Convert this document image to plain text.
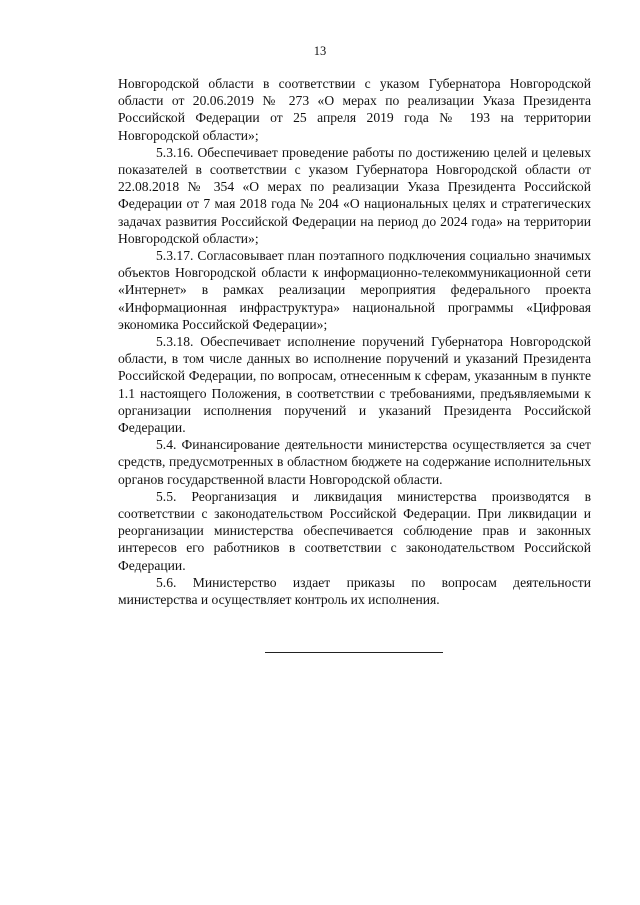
13

Новгородской области в соответствии с указом Губернатора Новгородской области от 20.06.2019 № 273 «О мерах по реализации Указа Президента Российской Федерации от 25 апреля 2019 года № 193 на территории Новгородской области»;

5.3.16. Обеспечивает проведение работы по достижению целей и целевых показателей в соответствии с указом Губернатора Новгородской области от 22.08.2018 № 354 «О мерах по реализации Указа Президента Российской Федерации от 7 мая 2018 года № 204 «О национальных целях и стратегических задачах развития Российской Федерации на период до 2024 года» на территории Новгородской области»;

5.3.17. Согласовывает план поэтапного подключения социально значимых объектов Новгородской области к информационно-телекоммуникационной сети «Интернет» в рамках реализации мероприятия федерального проекта «Информационная инфраструктура» национальной программы «Цифровая экономика Российской Федерации»;

5.3.18. Обеспечивает исполнение поручений Губернатора Новгородской области, в том числе данных во исполнение поручений и указаний Президента Российской Федерации, по вопросам, отнесенным к сферам, указанным в пункте 1.1 настоящего Положения, в соответствии с требованиями, предъявляемыми к организации исполнения поручений и указаний Президента Российской Федерации.

5.4. Финансирование деятельности министерства осуществляется за счет средств, предусмотренных в областном бюджете на содержание исполнительных органов государственной власти Новгородской области.

5.5. Реорганизация и ликвидация министерства производятся в соответствии с законодательством Российской Федерации. При ликвидации и реорганизации министерства обеспечивается соблюдение прав и законных интересов его работников в соответствии с законодательством Российской Федерации.

5.6. Министерство издает приказы по вопросам деятельности министерства и осуществляет контроль их исполнения.
